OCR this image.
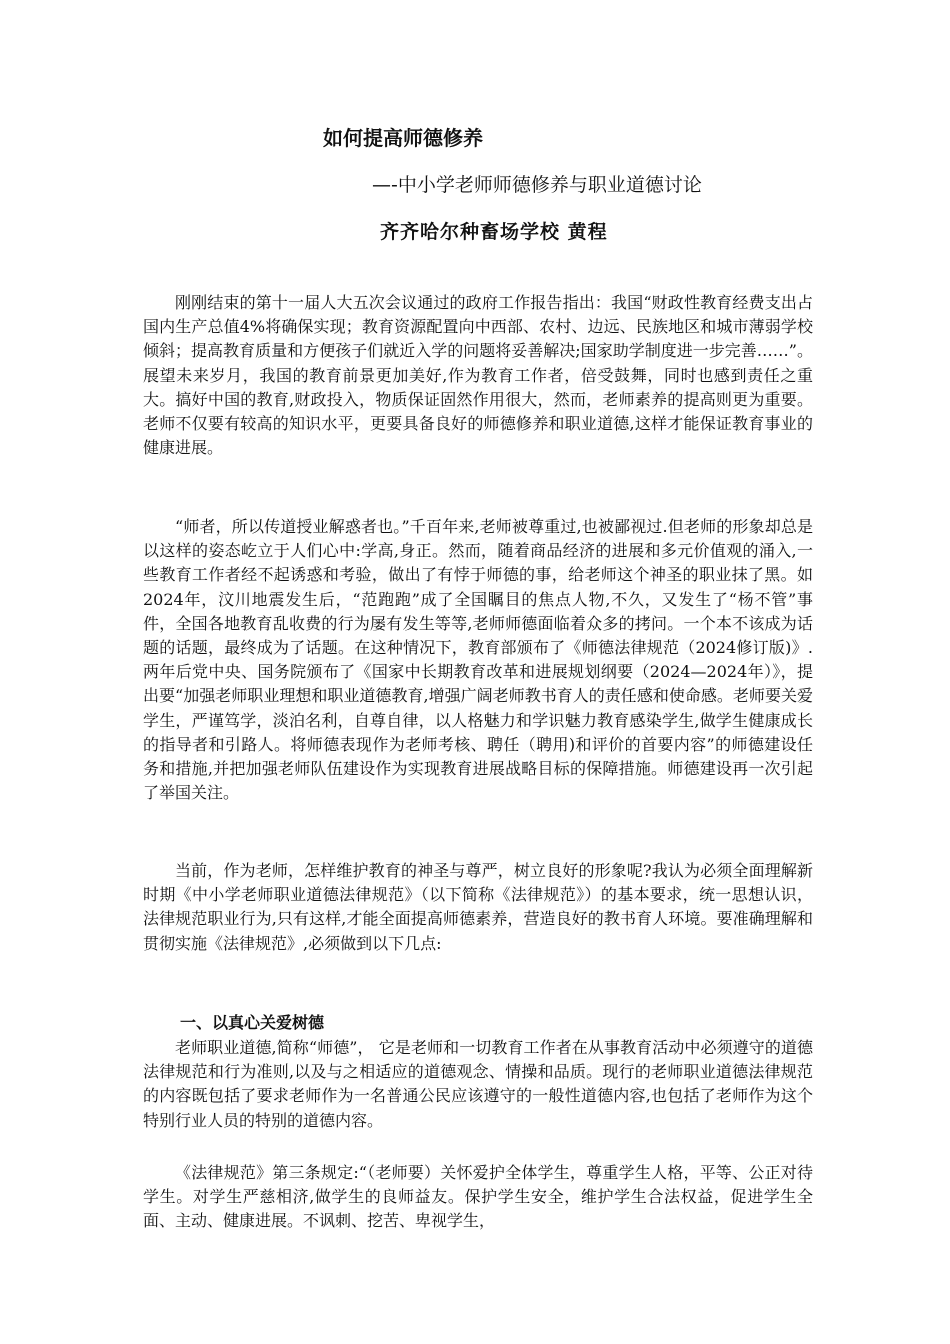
如何提高师德修养

—-中小学老师师德修养与职业道德讨论

齐齐哈尔种畜场学校 黄程

刚刚结束的第十一届人大五次会议通过的政府工作报告指出：我国“财政性教育经费支出占国内生产总值4%将确保实现；教育资源配置向中西部、农村、边远、民族地区和城市薄弱学校倾斜；提高教育质量和方便孩子们就近入学的问题将妥善解决;国家助学制度进一步完善……”。展望未来岁月，我国的教育前景更加美好,作为教育工作者，倍受鼓舞，同时也感到责任之重大。搞好中国的教育,财政投入，物质保证固然作用很大，然而，老师素养的提高则更为重要。老师不仅要有较高的知识水平，更要具备良好的师德修养和职业道德,这样才能保证教育事业的健康进展。

“师者，所以传道授业解惑者也。”千百年来,老师被尊重过,也被鄙视过.但老师的形象却总是以这样的姿态屹立于人们心中:学高,身正。然而，随着商品经济的进展和多元价值观的涌入,一些教育工作者经不起诱惑和考验，做出了有悖于师德的事，给老师这个神圣的职业抹了黑。如2024年，汶川地震发生后，“范跑跑”成了全国瞩目的焦点人物,不久，又发生了“杨不管”事件，全国各地教育乱收费的行为屡有发生等等,老师师德面临着众多的拷问。一个本不该成为话题的话题，最终成为了话题。在这种情况下，教育部颁布了《师德法律规范（2024修订版)》.两年后党中央、国务院颁布了《国家中长期教育改革和进展规划纲要（2024—2024年）》，提出要“加强老师职业理想和职业道德教育,增强广阔老师教书育人的责任感和使命感。老师要关爱学生，严谨笃学，淡泊名利，自尊自律，以人格魅力和学识魅力教育感染学生,做学生健康成长的指导者和引路人。将师德表现作为老师考核、聘任（聘用)和评价的首要内容”的师德建设任务和措施,并把加强老师队伍建设作为实现教育进展战略目标的保障措施。师德建设再一次引起了举国关注。

当前，作为老师，怎样维护教育的神圣与尊严，树立良好的形象呢?我认为必须全面理解新时期《中小学老师职业道德法律规范》（以下简称《法律规范》）的基本要求，统一思想认识，法律规范职业行为,只有这样,才能全面提高师德素养，营造良好的教书育人环境。要准确理解和贯彻实施《法律规范》,必须做到以下几点:

一、以真心关爱树德

老师职业道德,简称“师德”， 它是老师和一切教育工作者在从事教育活动中必须遵守的道德法律规范和行为准则,以及与之相适应的道德观念、情操和品质。现行的老师职业道德法律规范的内容既包括了要求老师作为一名普通公民应该遵守的一般性道德内容,也包括了老师作为这个特别行业人员的特别的道德内容。

《法律规范》第三条规定:“（老师要）关怀爱护全体学生，尊重学生人格，平等、公正对待学生。对学生严慈相济,做学生的良师益友。保护学生安全，维护学生合法权益，促进学生全面、主动、健康进展。不讽刺、挖苦、卑视学生，
